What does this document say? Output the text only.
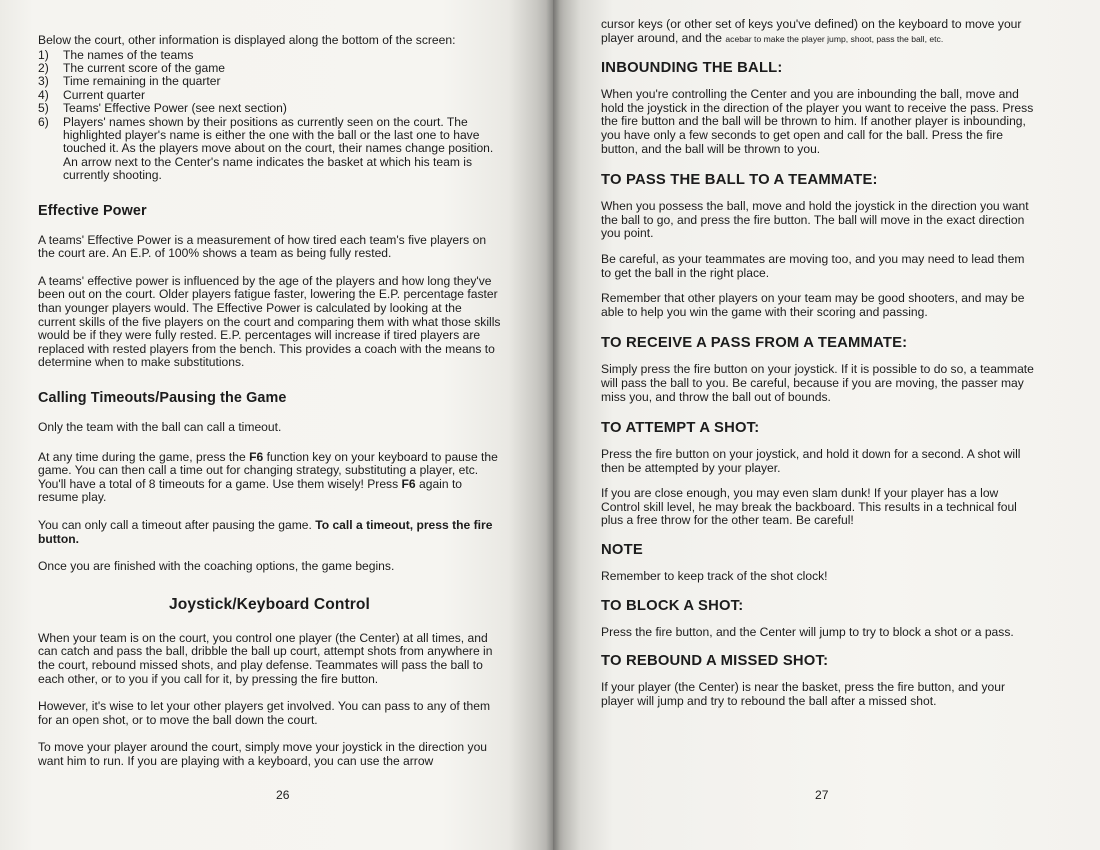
Below the court, other information is displayed along the bottom of the screen:

1)	The names of the teams
2)	The current score of the game
3)	Time remaining in the quarter
4)	Current quarter
5)	Teams' Effective Power (see next section)
6)	Players' names shown by their positions as currently seen on the court. The highlighted player's name is either the one with the ball or the last one to have touched it. As the players move about on the court, their names change position. An arrow next to the Center's name indicates the basket at which his team is currently shooting.
Effective Power

A teams' Effective Power is a measurement of how tired each team's five players on the court are. An E.P. of 100% shows a team as being fully rested.

A teams' effective power is influenced by the age of the players and how long they've been out on the court. Older players fatigue faster, lowering the E.P. percentage faster than younger players would. The Effective Power is calculated by looking at the current skills of the five players on the court and comparing them with what those skills would be if they were fully rested. E.P. percentages will increase if tired players are replaced with rested players from the bench. This provides a coach with the means to determine when to make substitutions.

Calling Timeouts/Pausing the Game

Only the team with the ball can call a timeout.

At any time during the game, press the F6 function key on your keyboard to pause the game. You can then call a time out for changing strategy, substituting a player, etc. You'll have a total of 8 timeouts for a game. Use them wisely! Press F6 again to resume play.

You can only call a timeout after pausing the game. To call a timeout, press the fire button.

Once you are finished with the coaching options, the game begins.

Joystick/Keyboard Control

When your team is on the court, you control one player (the Center) at all times, and can catch and pass the ball, dribble the ball up court, attempt shots from anywhere in the court, rebound missed shots, and play defense. Teammates will pass the ball to each other, or to you if you call for it, by pressing the fire button.

However, it's wise to let your other players get involved. You can pass to any of them for an open shot, or to move the ball down the court.

To move your player around the court, simply move your joystick in the direction you want him to run. If you are playing with a keyboard, you can use the arrow

26

cursor keys (or other set of keys you've defined) on the keyboard to move your player around, and the acebar to make the player jump, shoot, pass the ball, etc.

INBOUNDING THE BALL:

When you're controlling the Center and you are inbounding the ball, move and hold the joystick in the direction of the player you want to receive the pass. Press the fire button and the ball will be thrown to him. If another player is inbounding, you have only a few seconds to get open and call for the ball. Press the fire button, and the ball will be thrown to you.

TO PASS THE BALL TO A TEAMMATE:

When you possess the ball, move and hold the joystick in the direction you want the ball to go, and press the fire button. The ball will move in the exact direction you point.

Be careful, as your teammates are moving too, and you may need to lead them to get the ball in the right place.

Remember that other players on your team may be good shooters, and may be able to help you win the game with their scoring and passing.

TO RECEIVE A PASS FROM A TEAMMATE:

Simply press the fire button on your joystick. If it is possible to do so, a teammate will pass the ball to you. Be careful, because if you are moving, the passer may miss you, and throw the ball out of bounds.

TO ATTEMPT A SHOT:

Press the fire button on your joystick, and hold it down for a second. A shot will then be attempted by your player.

If you are close enough, you may even slam dunk! If your player has a low Control skill level, he may break the backboard. This results in a technical foul plus a free throw for the other team. Be careful!

NOTE

Remember to keep track of the shot clock!

TO BLOCK A SHOT:

Press the fire button, and the Center will jump to try to block a shot or a pass.

TO REBOUND A MISSED SHOT:

If your player (the Center) is near the basket, press the fire button, and your player will jump and try to rebound the ball after a missed shot.

27
